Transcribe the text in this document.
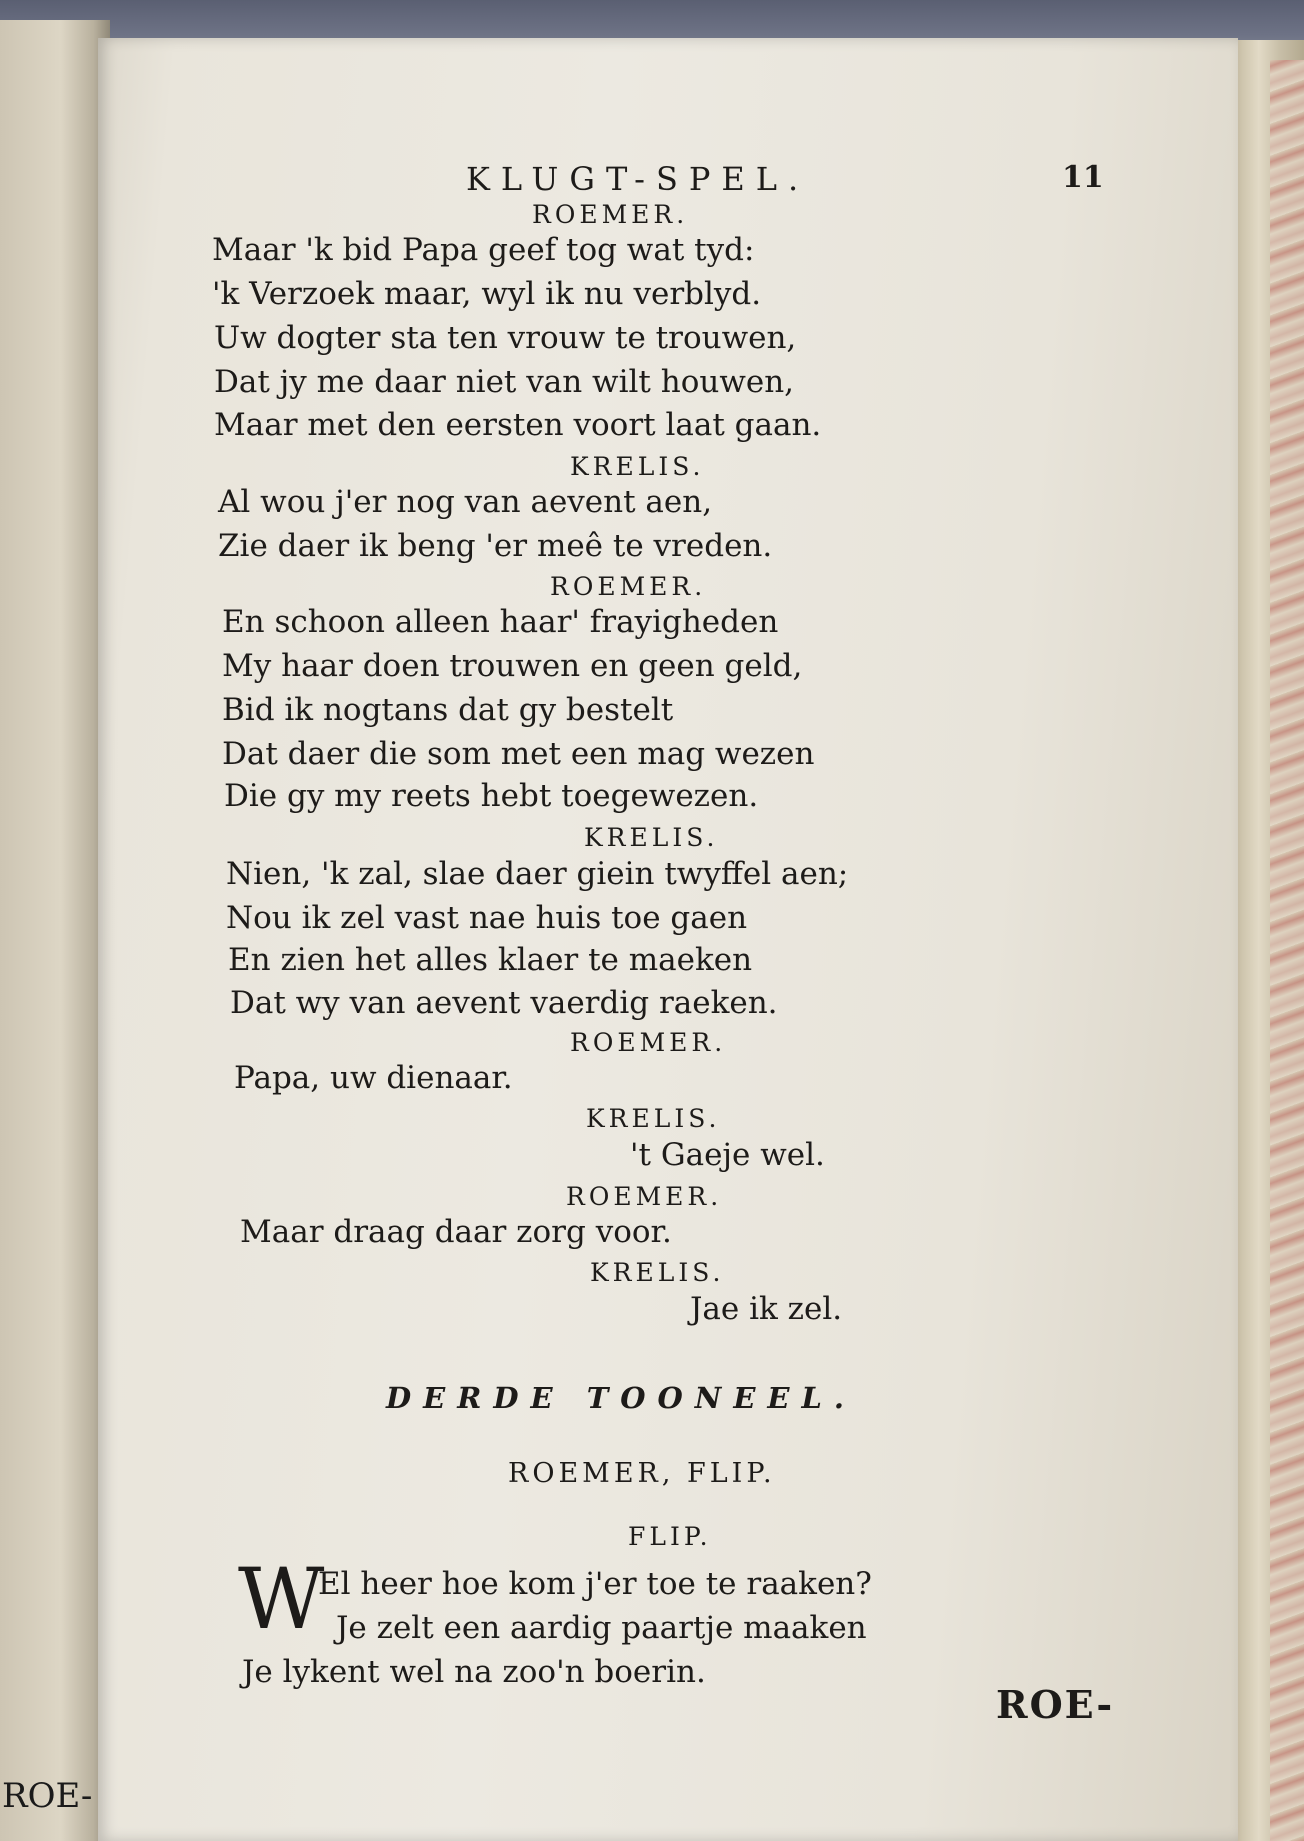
ROE-

KLUGT-SPEL.	11

ROEMER.

Maar 'k bid Papa geef tog wat tyd:

'k Verzoek maar, wyl ik nu verblyd.

Uw dogter sta ten vrouw te trouwen,

Dat jy me daar niet van wilt houwen,

Maar met den eersten voort laat gaan.

KRELIS.

Al wou j'er nog van aevent aen,

Zie daer ik beng 'er meê te vreden.

ROEMER.

En schoon alleen haar' frayigheden

My haar doen trouwen en geen geld,

Bid ik nogtans dat gy bestelt

Dat daer die som met een mag wezen

Die gy my reets hebt toegewezen.

KRELIS.

Nien, 'k zal, slae daer giein twyffel aen;

Nou ik zel vast nae huis toe gaen

En zien het alles klaer te maeken

Dat wy van aevent vaerdig raeken.

ROEMER.

Papa, uw dienaar.

KRELIS.

't Gaeje wel.

ROEMER.

Maar draag daar zorg voor.

KRELIS.

Jae ik zel.

DERDE TOONEEL.

ROEMER, FLIP.

FLIP.

W

El heer hoe kom j'er toe te raaken?

Je zelt een aardig paartje maaken

Je lykent wel na zoo'n boerin.

ROE-
